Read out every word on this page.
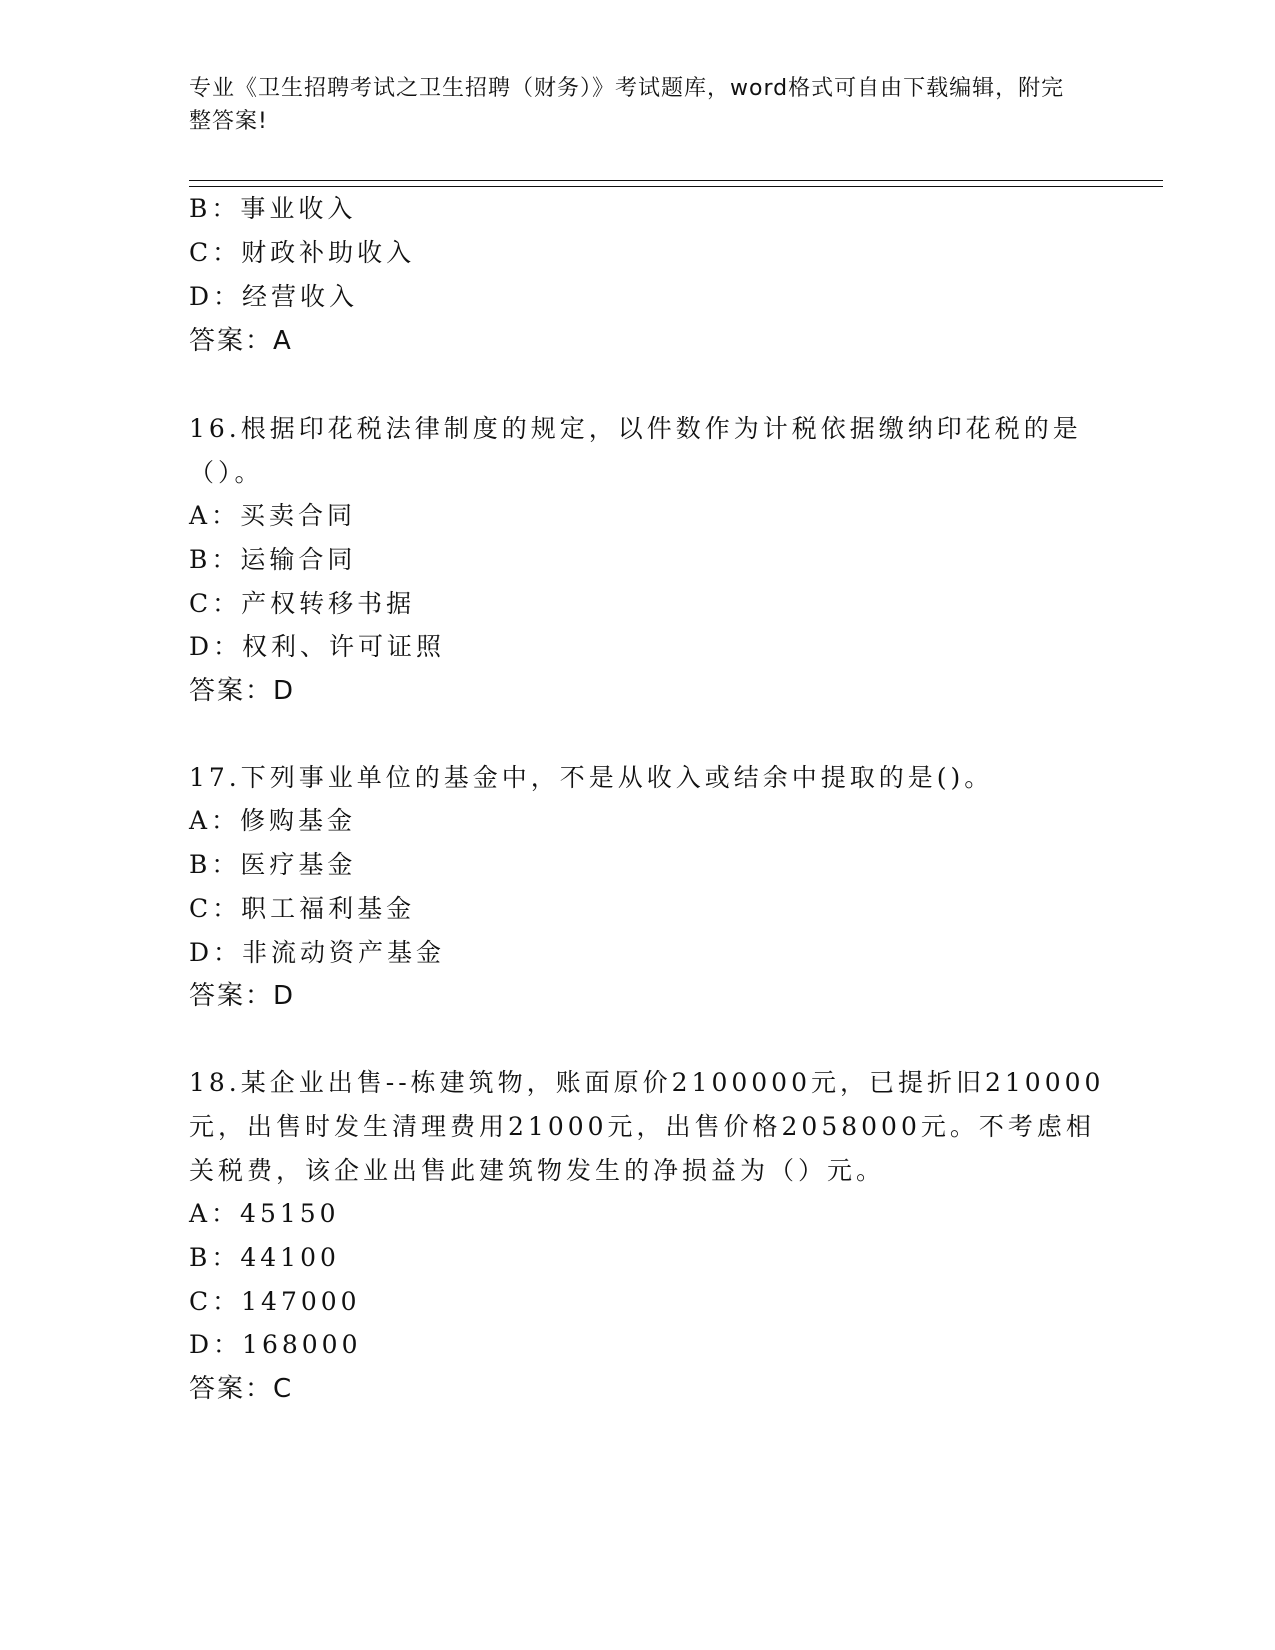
专业《卫生招聘考试之卫生招聘（财务）》考试题库，word格式可自由下载编辑，附完整答案!
B：事业收入
C：财政补助收入
D：经营收入
答案：A
16.根据印花税法律制度的规定，以件数作为计税依据缴纳印花税的是
（）。
A：买卖合同
B：运输合同
C：产权转移书据
D：权利、许可证照
答案：D
17.下列事业单位的基金中，不是从收入或结余中提取的是()。
A：修购基金
B：医疗基金
C：职工福利基金
D：非流动资产基金
答案：D
18.某企业出售--栋建筑物，账面原价2100000元，已提折旧210000
元，出售时发生清理费用21000元，出售价格2058000元。不考虑相
关税费，该企业出售此建筑物发生的净损益为（）元。
A：45150
B：44100
C：147000
D：168000
答案：C
